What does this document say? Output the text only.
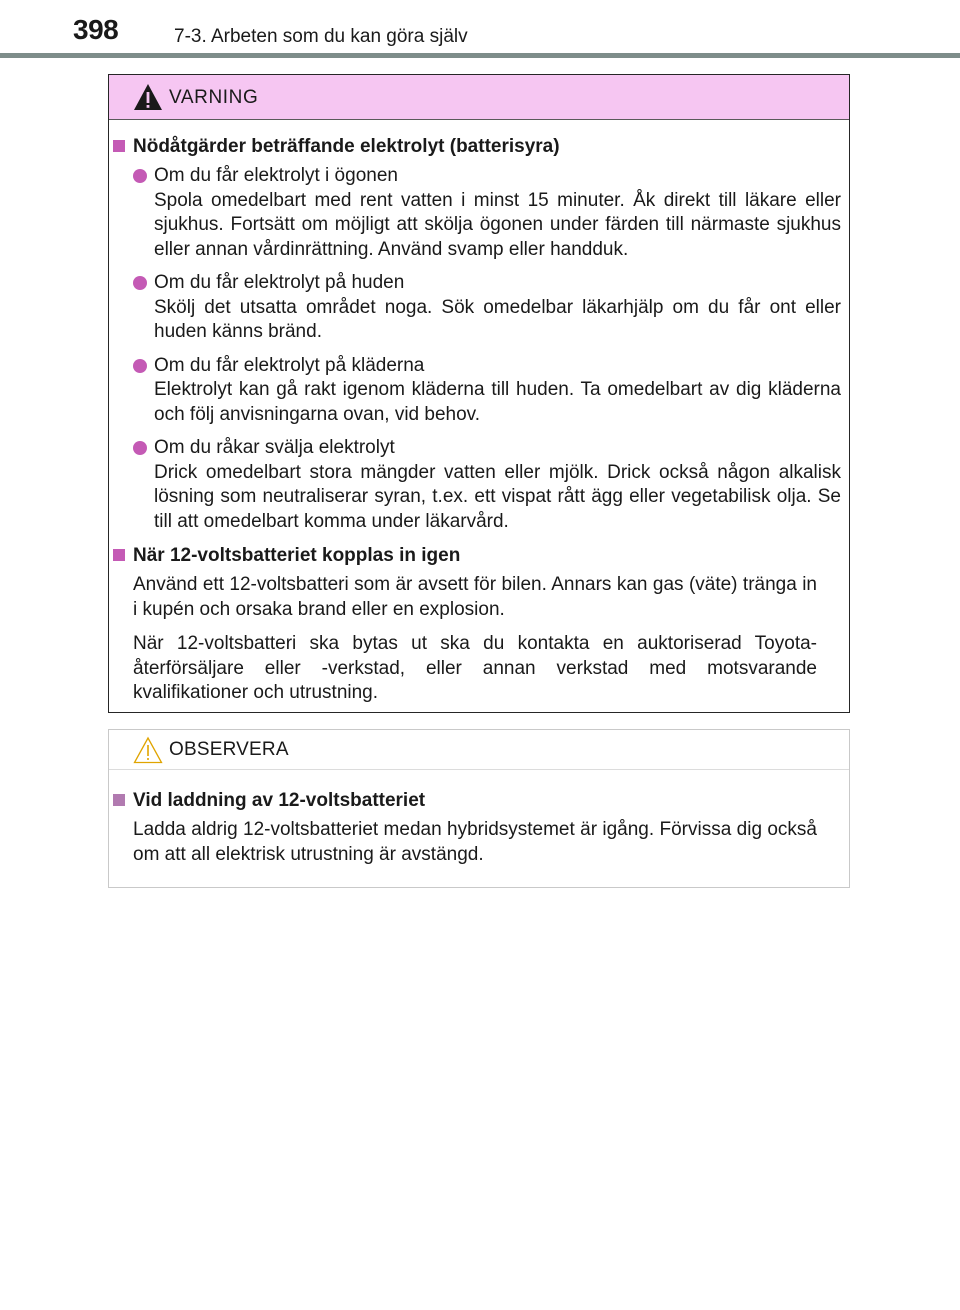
398	7-3. Arbeten som du kan göra själv
VARNING
Nödåtgärder beträffande elektrolyt (batterisyra)
Om du får elektrolyt i ögonen
Spola omedelbart med rent vatten i minst 15 minuter. Åk direkt till läkare eller sjukhus. Fortsätt om möjligt att skölja ögonen under färden till närmaste sjukhus eller annan vårdinrättning. Använd svamp eller handduk.
Om du får elektrolyt på huden
Skölj det utsatta området noga. Sök omedelbar läkarhjälp om du får ont eller huden känns bränd.
Om du får elektrolyt på kläderna
Elektrolyt kan gå rakt igenom kläderna till huden. Ta omedelbart av dig kläderna och följ anvisningarna ovan, vid behov.
Om du råkar svälja elektrolyt
Drick omedelbart stora mängder vatten eller mjölk. Drick också någon alkalisk lösning som neutraliserar syran, t.ex. ett vispat rått ägg eller vegetabilisk olja. Se till att omedelbart komma under läkarvård.
När 12-voltsbatteriet kopplas in igen
Använd ett 12-voltsbatteri som är avsett för bilen. Annars kan gas (väte) tränga in i kupén och orsaka brand eller en explosion.
När 12-voltsbatteri ska bytas ut ska du kontakta en auktoriserad Toyota-återförsäljare eller -verkstad, eller annan verkstad med motsvarande kvalifikationer och utrustning.
OBSERVERA
Vid laddning av 12-voltsbatteriet
Ladda aldrig 12-voltsbatteriet medan hybridsystemet är igång. Förvissa dig också om att all elektrisk utrustning är avstängd.
